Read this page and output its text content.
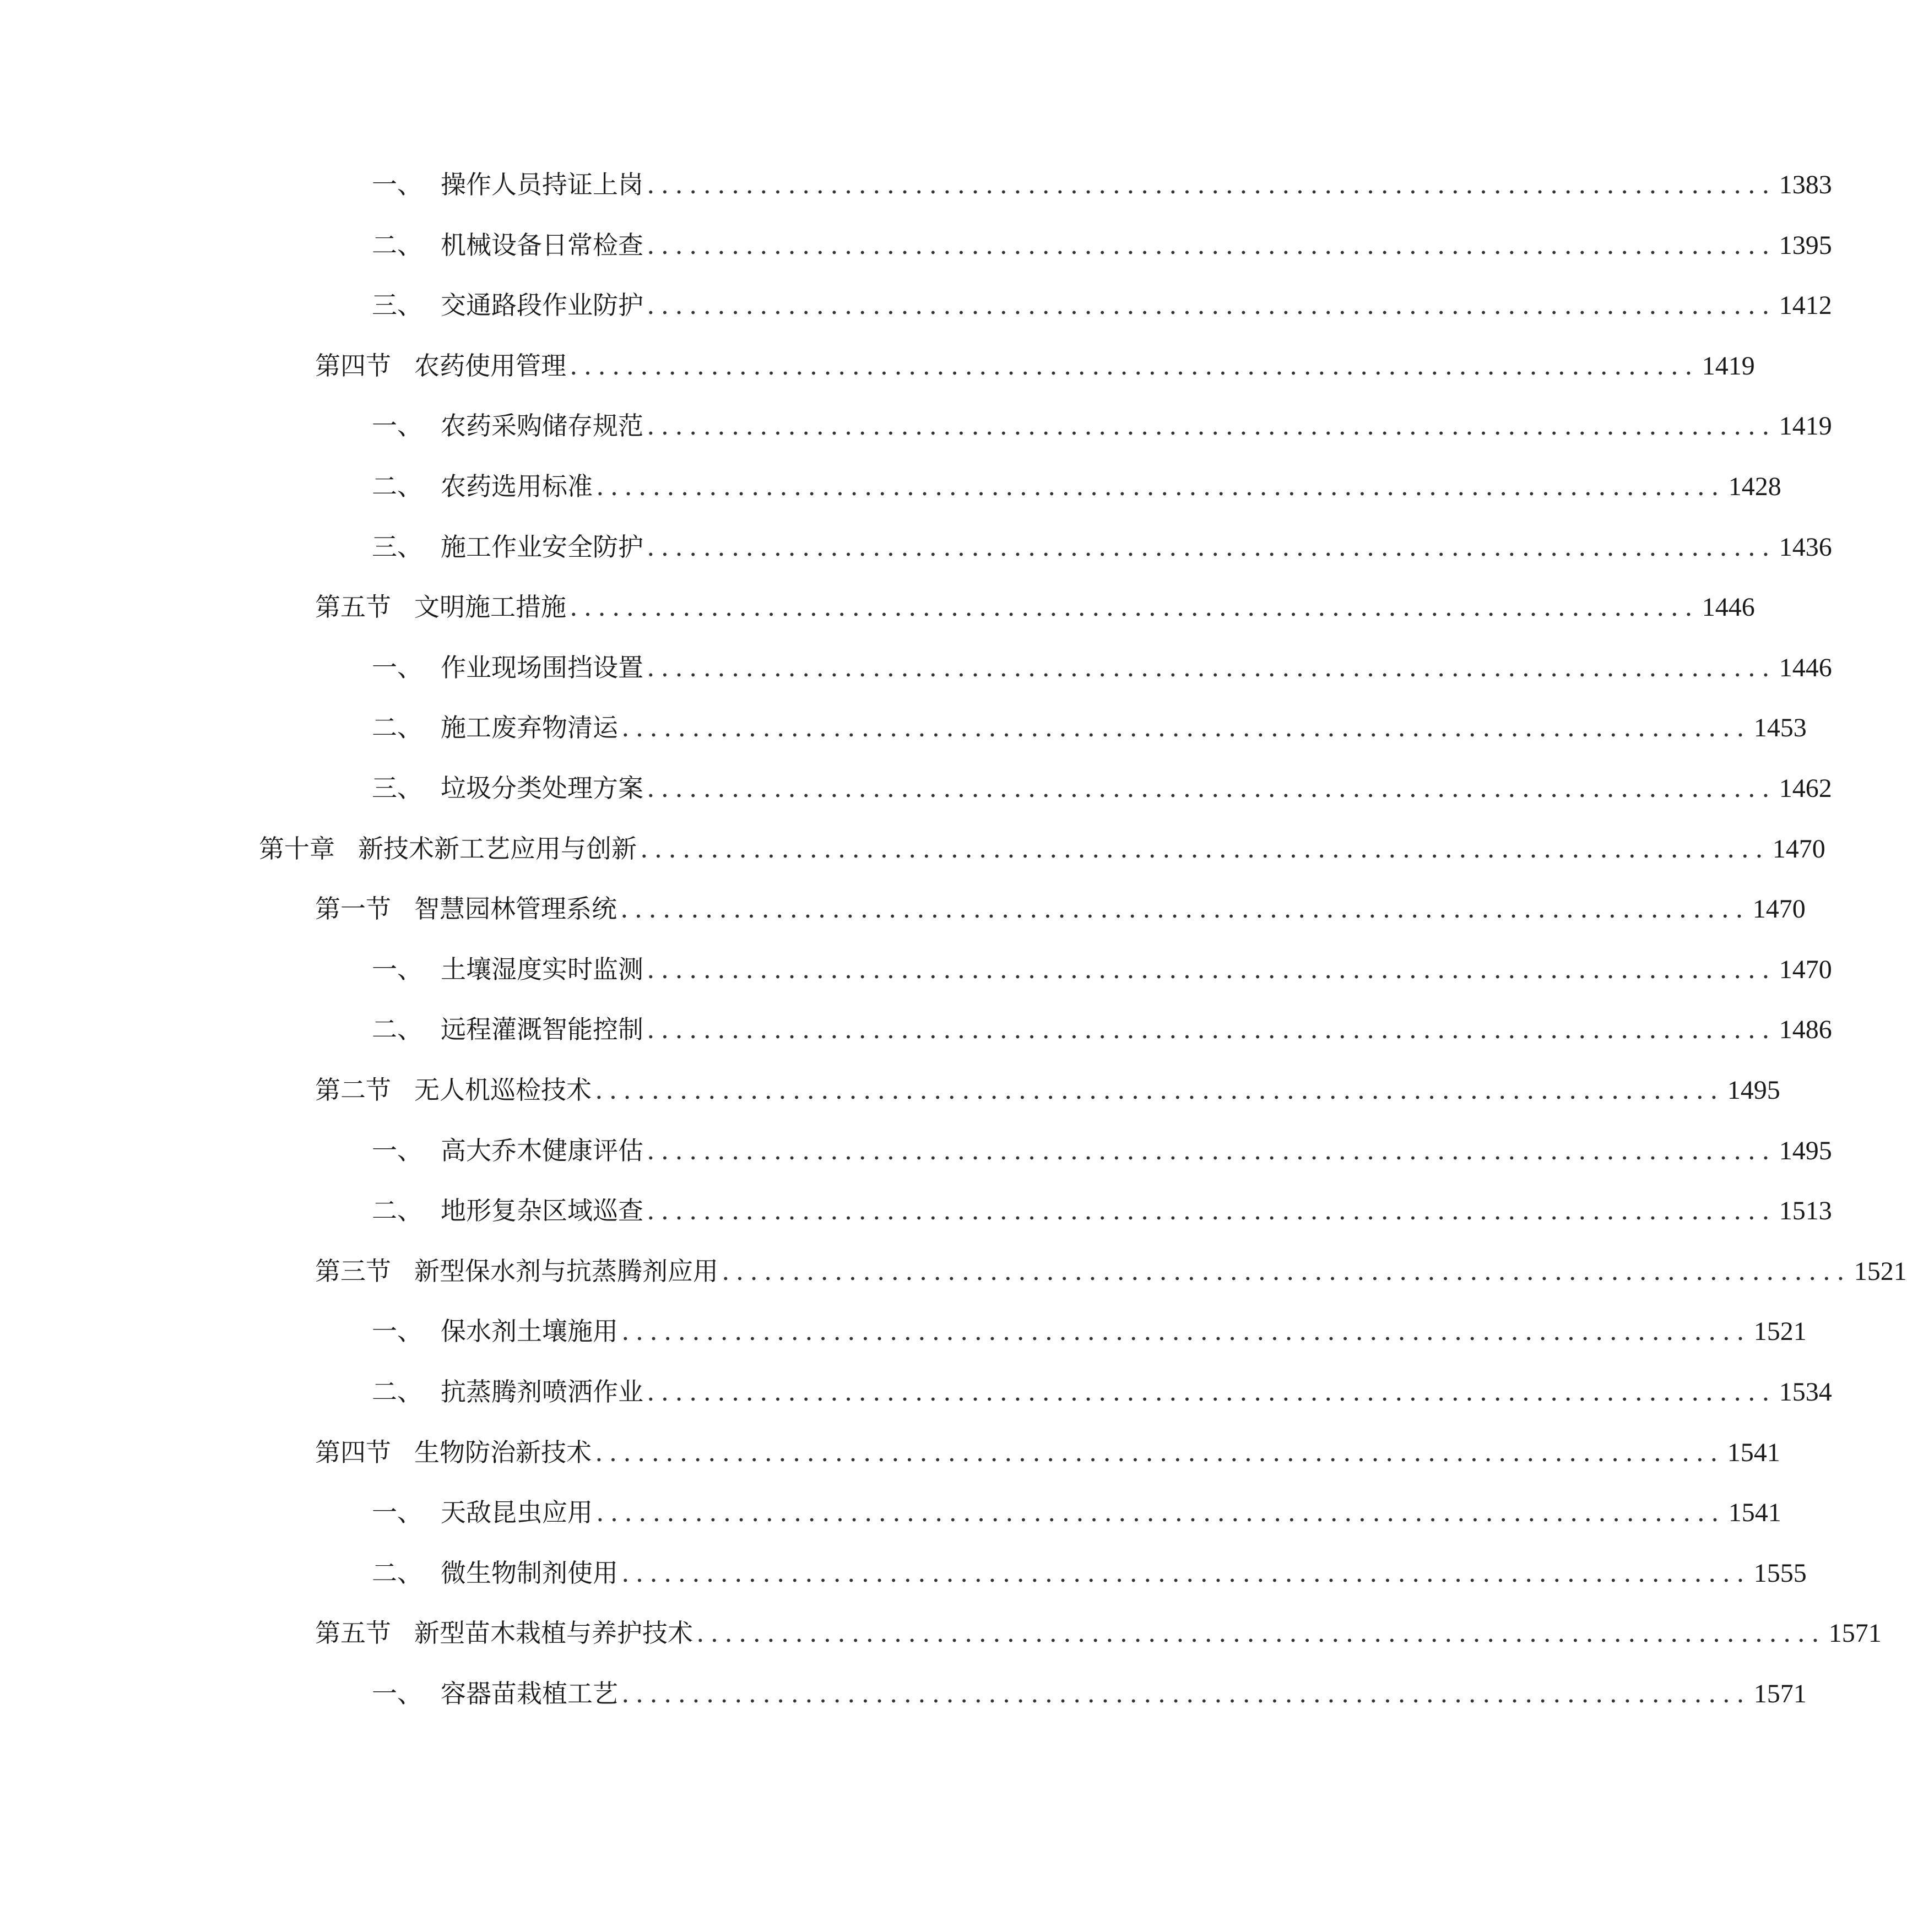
一、 操作人员持证上岗 ................................................................................ 1383
二、 机械设备日常检查 ................................................................................ 1395
三、 交通路段作业防护 ................................................................................ 1412
第四节 农药使用管理 ................................................................................ 1419
一、 农药采购储存规范 ................................................................................ 1419
二、 农药选用标准 ................................................................................ 1428
三、 施工作业安全防护 ................................................................................ 1436
第五节 文明施工措施 ................................................................................ 1446
一、 作业现场围挡设置 ................................................................................ 1446
二、 施工废弃物清运 ................................................................................ 1453
三、 垃圾分类处理方案 ................................................................................ 1462
第十章 新技术新工艺应用与创新 ................................................................................ 1470
第一节 智慧园林管理系统 ................................................................................ 1470
一、 土壤湿度实时监测 ................................................................................ 1470
二、 远程灌溉智能控制 ................................................................................ 1486
第二节 无人机巡检技术 ................................................................................ 1495
一、 高大乔木健康评估 ................................................................................ 1495
二、 地形复杂区域巡查 ................................................................................ 1513
第三节 新型保水剂与抗蒸腾剂应用 ................................................................................ 1521
一、 保水剂土壤施用 ................................................................................ 1521
二、 抗蒸腾剂喷洒作业 ................................................................................ 1534
第四节 生物防治新技术 ................................................................................ 1541
一、 天敌昆虫应用 ................................................................................ 1541
二、 微生物制剂使用 ................................................................................ 1555
第五节 新型苗木栽植与养护技术 ................................................................................ 1571
一、 容器苗栽植工艺 ................................................................................ 1571
